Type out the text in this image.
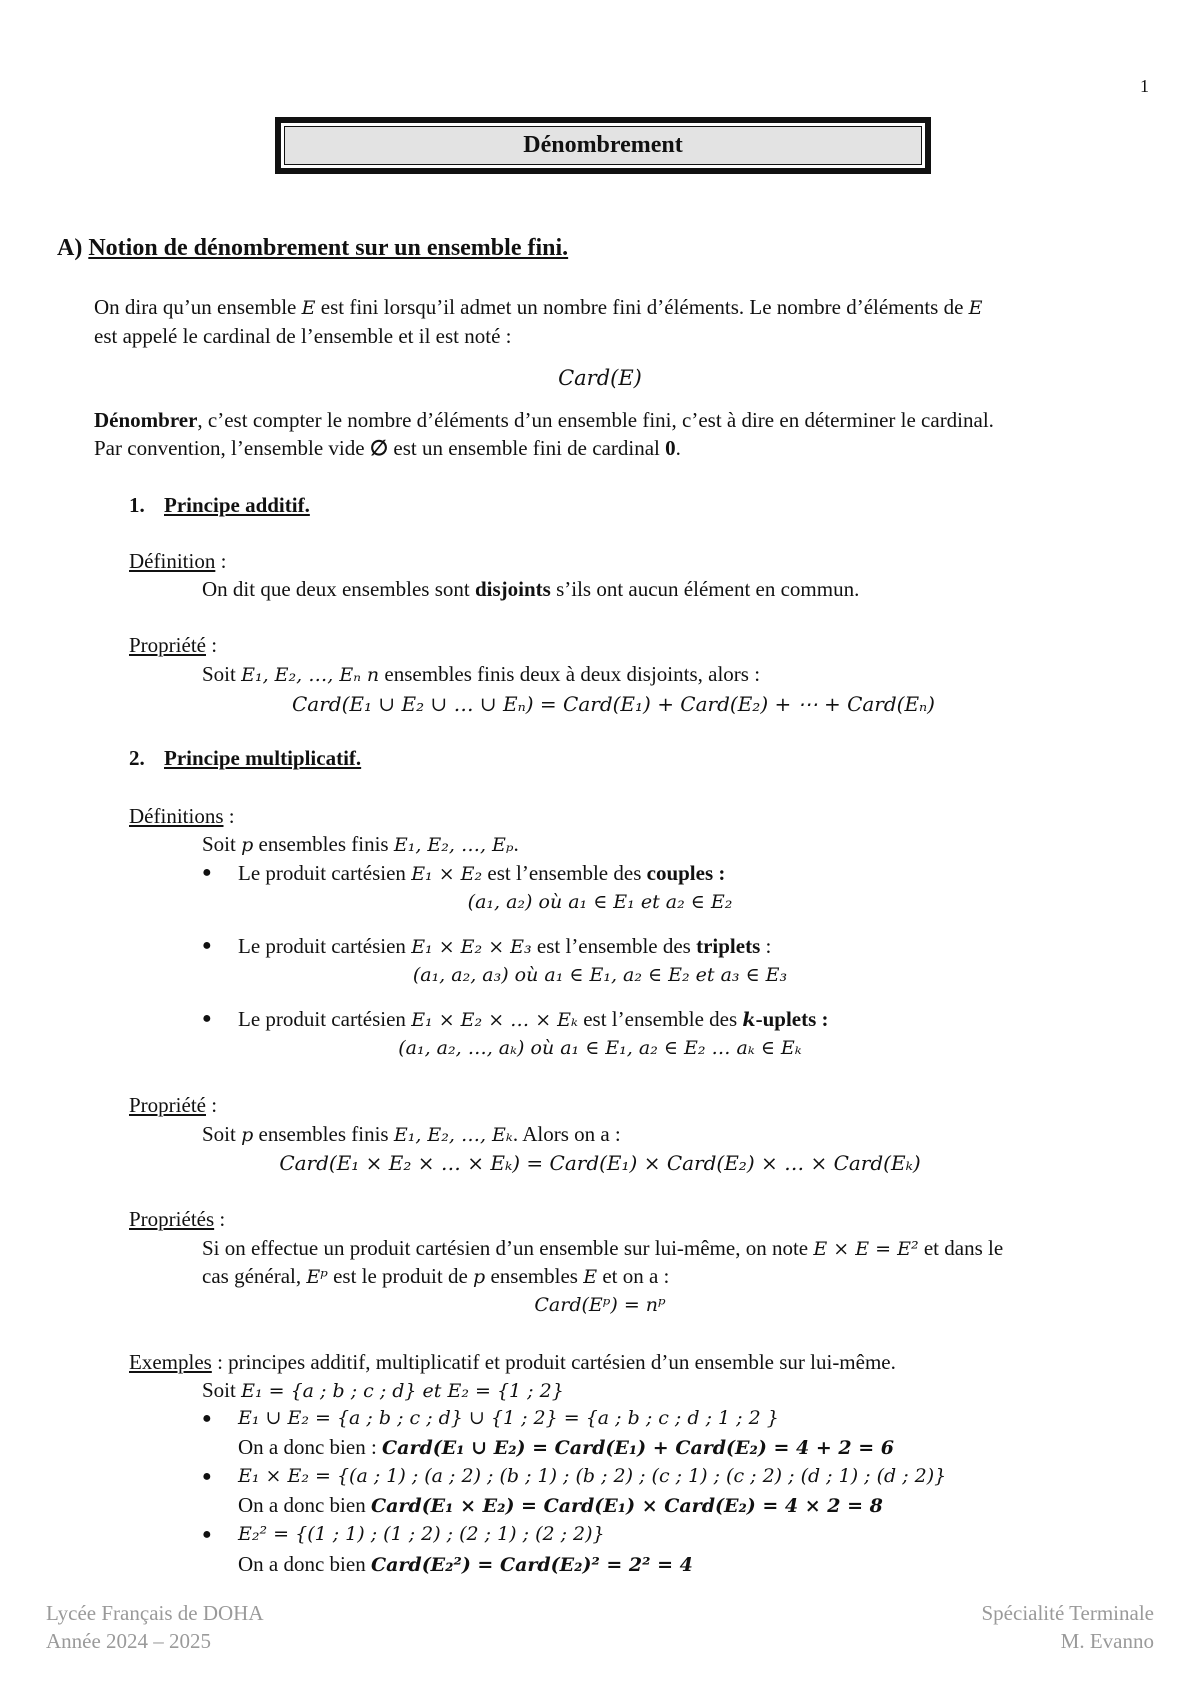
1
Dénombrement
A) Notion de dénombrement sur un ensemble fini.
On dira qu’un ensemble E est fini lorsqu’il admet un nombre fini d’éléments. Le nombre d’éléments de E
est appelé le cardinal de l’ensemble et il est noté :
Card(E)
Dénombrer, c’est compter le nombre d’éléments d’un ensemble fini, c’est à dire en déterminer le cardinal.
Par convention, l’ensemble vide ∅ est un ensemble fini de cardinal 0.
1. Principe additif.
Définition :
On dit que deux ensembles sont disjoints s’ils ont aucun élément en commun.
Propriété :
Soit E₁, E₂, …, Eₙ n ensembles finis deux à deux disjoints, alors :
Card(E₁ ∪ E₂ ∪ … ∪ Eₙ) = Card(E₁) + Card(E₂) + ⋯ + Card(Eₙ)
2. Principe multiplicatif.
Définitions :
Soit p ensembles finis E₁, E₂, …, Eₚ.
● Le produit cartésien E₁ × E₂ est l’ensemble des couples :
(a₁, a₂) où a₁ ∈ E₁ et a₂ ∈ E₂
● Le produit cartésien E₁ × E₂ × E₃ est l’ensemble des triplets :
(a₁, a₂, a₃) où a₁ ∈ E₁, a₂ ∈ E₂ et a₃ ∈ E₃
● Le produit cartésien E₁ × E₂ × … × Eₖ est l’ensemble des k-uplets :
(a₁, a₂, …, aₖ) où a₁ ∈ E₁, a₂ ∈ E₂ … aₖ ∈ Eₖ
Propriété :
Soit p ensembles finis E₁, E₂, …, Eₖ. Alors on a :
Card(E₁ × E₂ × … × Eₖ) = Card(E₁) × Card(E₂) × … × Card(Eₖ)
Propriétés :
Si on effectue un produit cartésien d’un ensemble sur lui-même, on note E × E = E² et dans le
cas général, Eᵖ est le produit de p ensembles E et on a :
Card(Eᵖ) = nᵖ
Exemples : principes additif, multiplicatif et produit cartésien d’un ensemble sur lui-même.
Soit E₁ = {a ; b ; c ; d} et E₂ = {1 ; 2}
● E₁ ∪ E₂ = {a ; b ; c ; d} ∪ {1 ; 2} = {a ; b ; c ; d ; 1 ; 2 }
On a donc bien : Card(E₁ ∪ E₂) = Card(E₁) + Card(E₂) = 4 + 2 = 6
● E₁ × E₂ = {(a ; 1) ; (a ; 2) ; (b ; 1) ; (b ; 2) ; (c ; 1) ; (c ; 2) ; (d ; 1) ; (d ; 2)}
On a donc bien Card(E₁ × E₂) = Card(E₁) × Card(E₂) = 4 × 2 = 8
● E₂² = {(1 ; 1) ; (1 ; 2) ; (2 ; 1) ; (2 ; 2)}
On a donc bien Card(E₂²) = Card(E₂)² = 2² = 4
Lycée Français de DOHA
Année 2024 – 2025
Spécialité Terminale
M. Evanno
